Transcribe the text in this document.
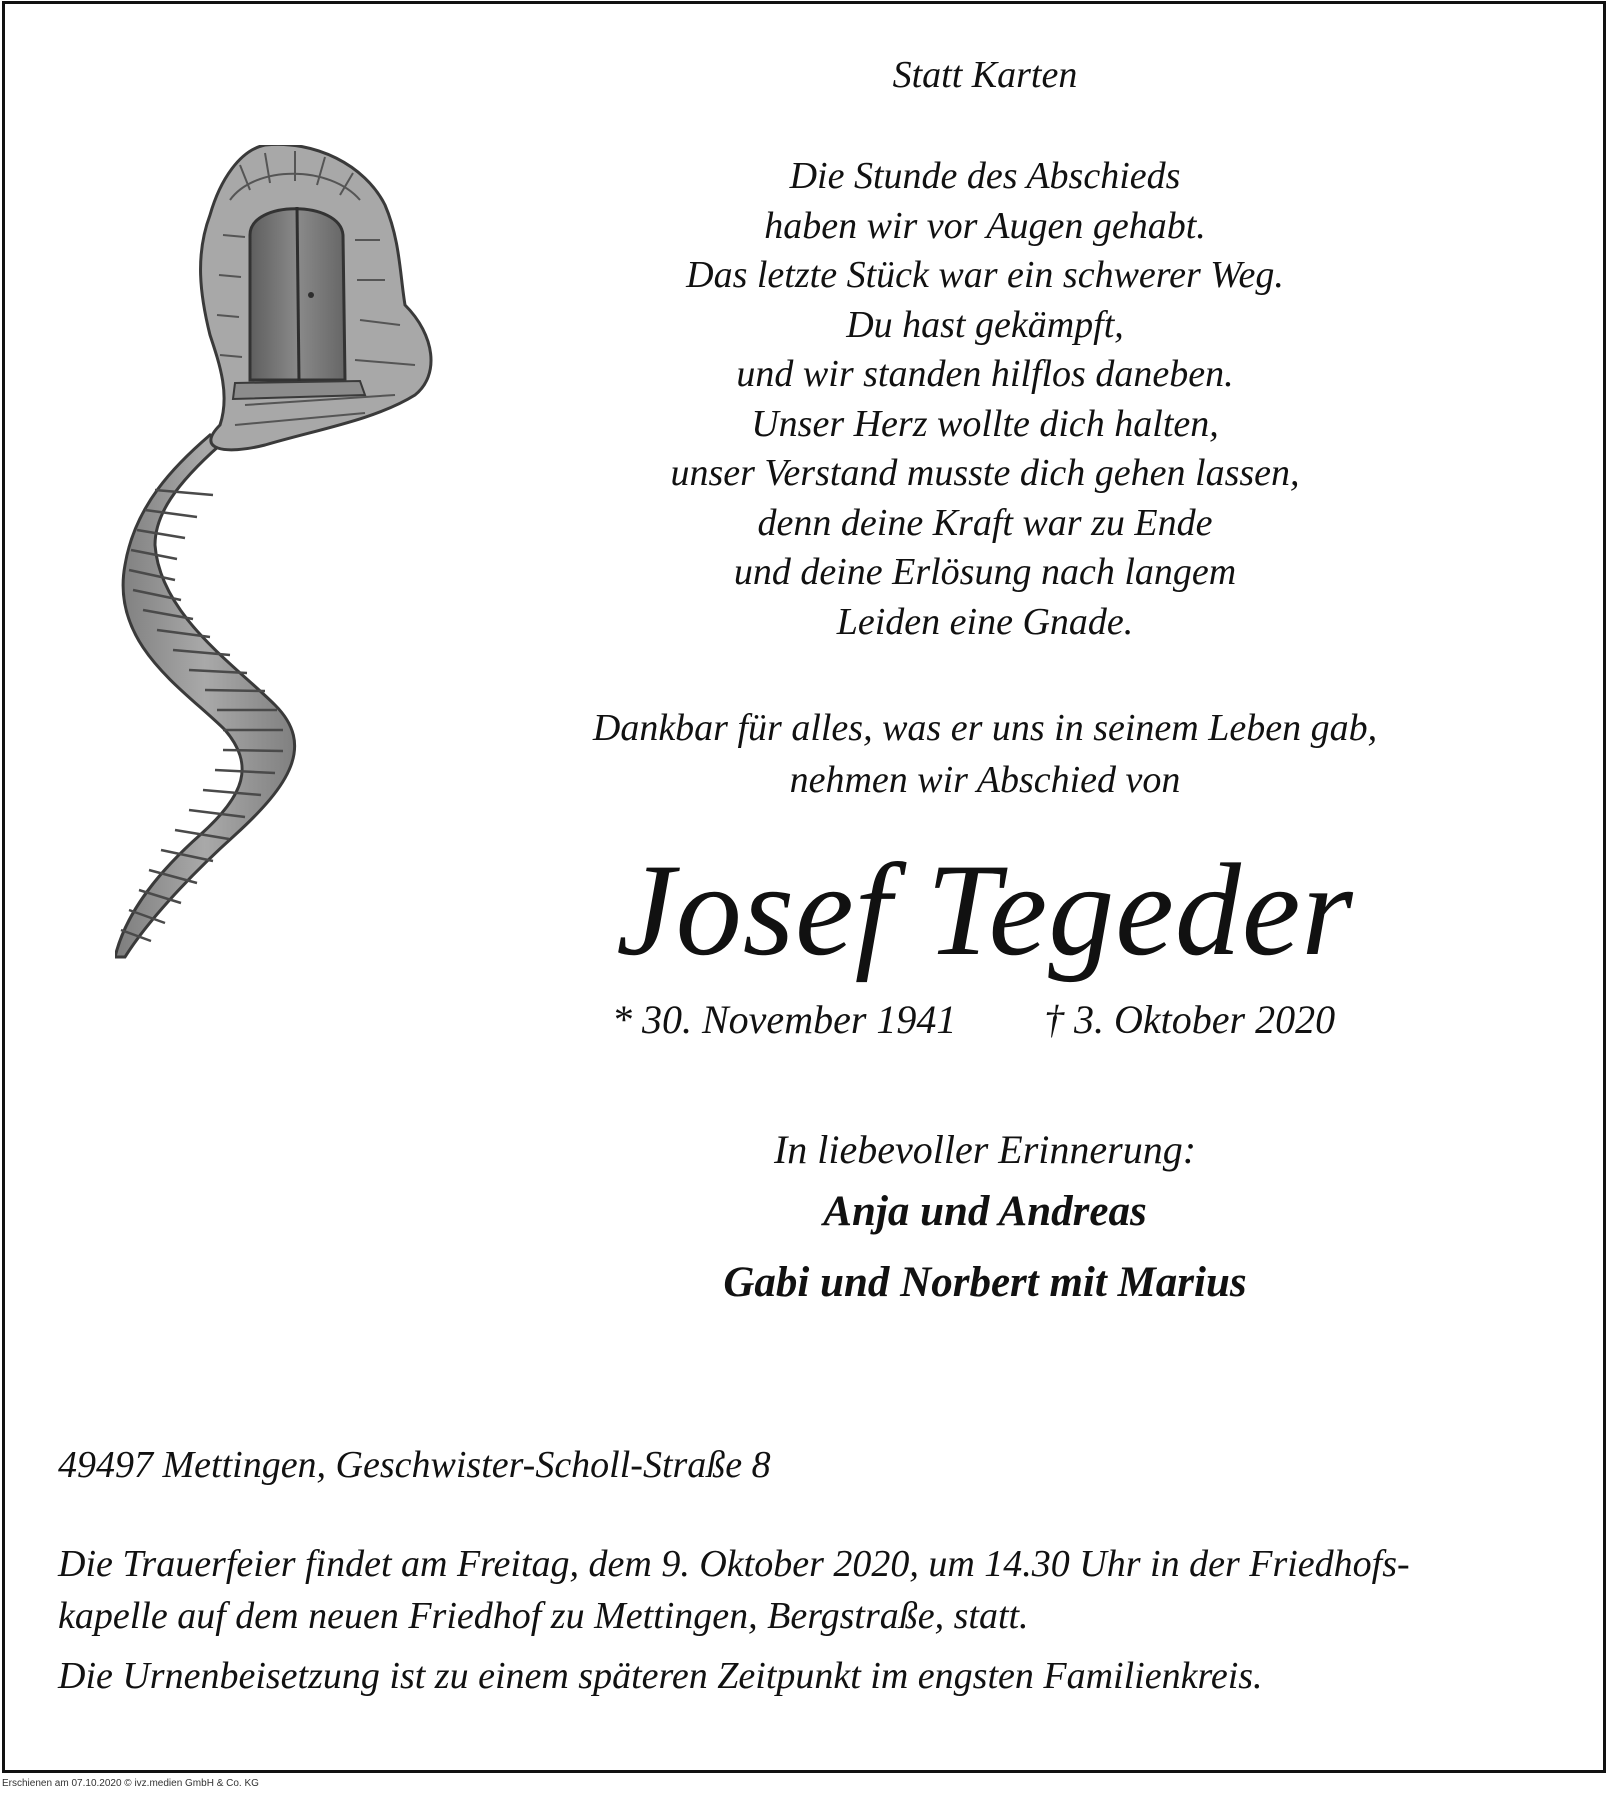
Statt Karten
Die Stunde des Abschieds
haben wir vor Augen gehabt.
Das letzte Stück war ein schwerer Weg.
Du hast gekämpft,
und wir standen hilflos daneben.
Unser Herz wollte dich halten,
unser Verstand musste dich gehen lassen,
denn deine Kraft war zu Ende
und deine Erlösung nach langem
Leiden eine Gnade.
Dankbar für alles, was er uns in seinem Leben gab,
nehmen wir Abschied von
Josef Tegeder
* 30. November 1941 † 3. Oktober 2020
In liebevoller Erinnerung:
Anja und Andreas
Gabi und Norbert mit Marius
49497 Mettingen, Geschwister-Scholl-Straße 8
Die Trauerfeier findet am Freitag, dem 9. Oktober 2020, um 14.30 Uhr in der Friedhofs-
kapelle auf dem neuen Friedhof zu Mettingen, Bergstraße, statt.
Die Urnenbeisetzung ist zu einem späteren Zeitpunkt im engsten Familienkreis.
Erschienen am 07.10.2020 © ivz.medien GmbH & Co. KG
